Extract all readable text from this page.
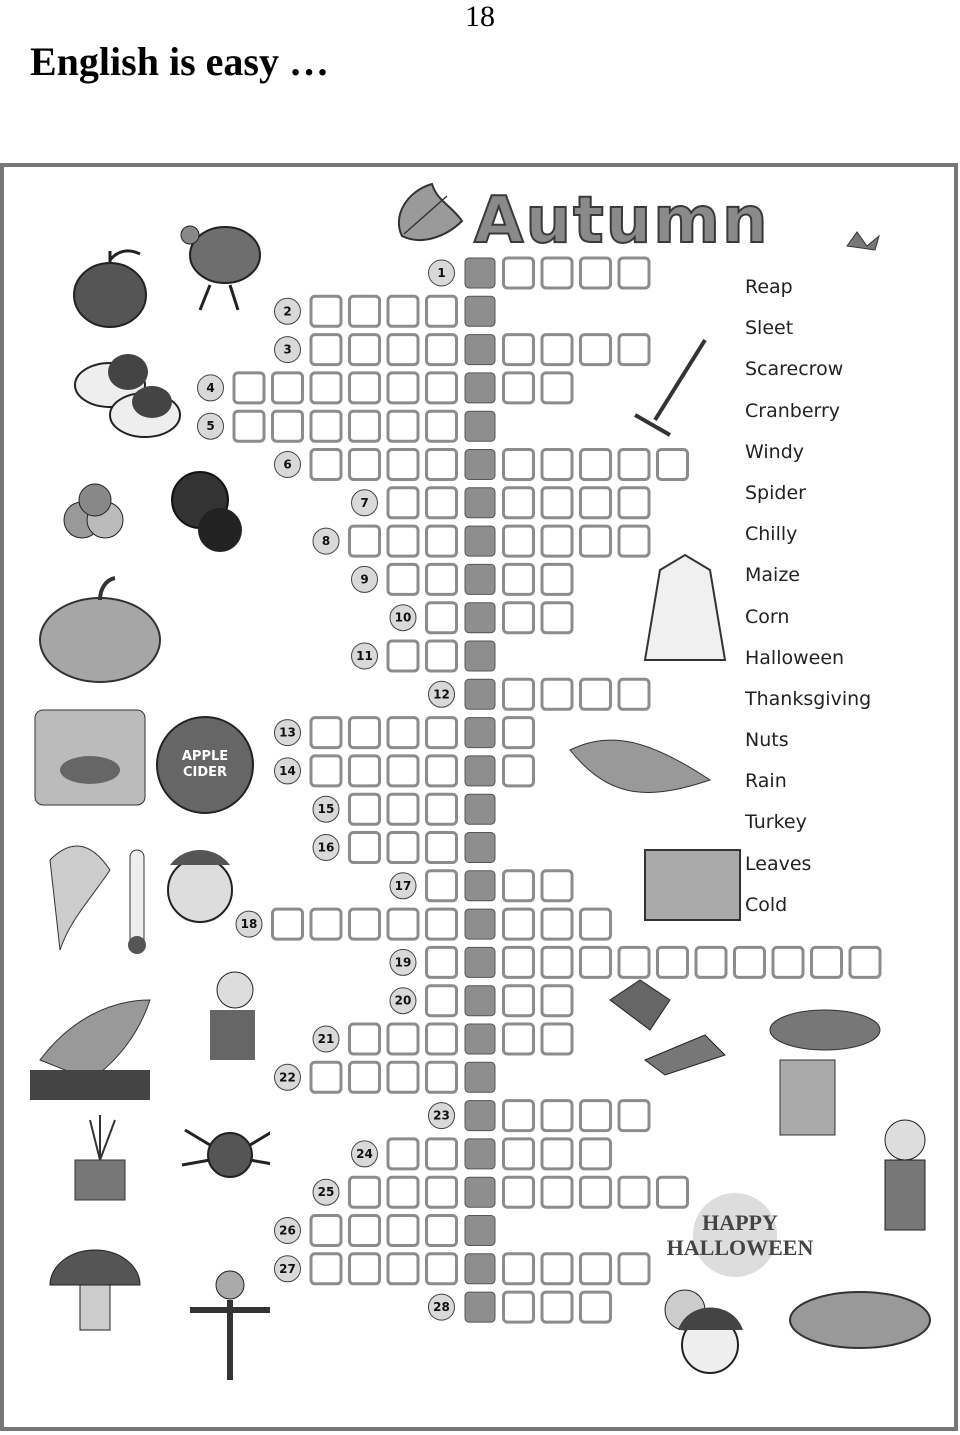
18
English is easy …
Autumn
Reap
Sleet
Scarecrow
Cranberry
Windy
Spider
Chilly
Maize
Corn
Halloween
Thanksgiving
Nuts
Rain
Turkey
Leaves
Cold
APPLE
CIDER
HAPPY
HALLOWEEN
1
2
3
4
5
6
7
8
9
10
11
12
13
14
15
16
17
18
19
20
21
22
23
24
25
26
27
28
